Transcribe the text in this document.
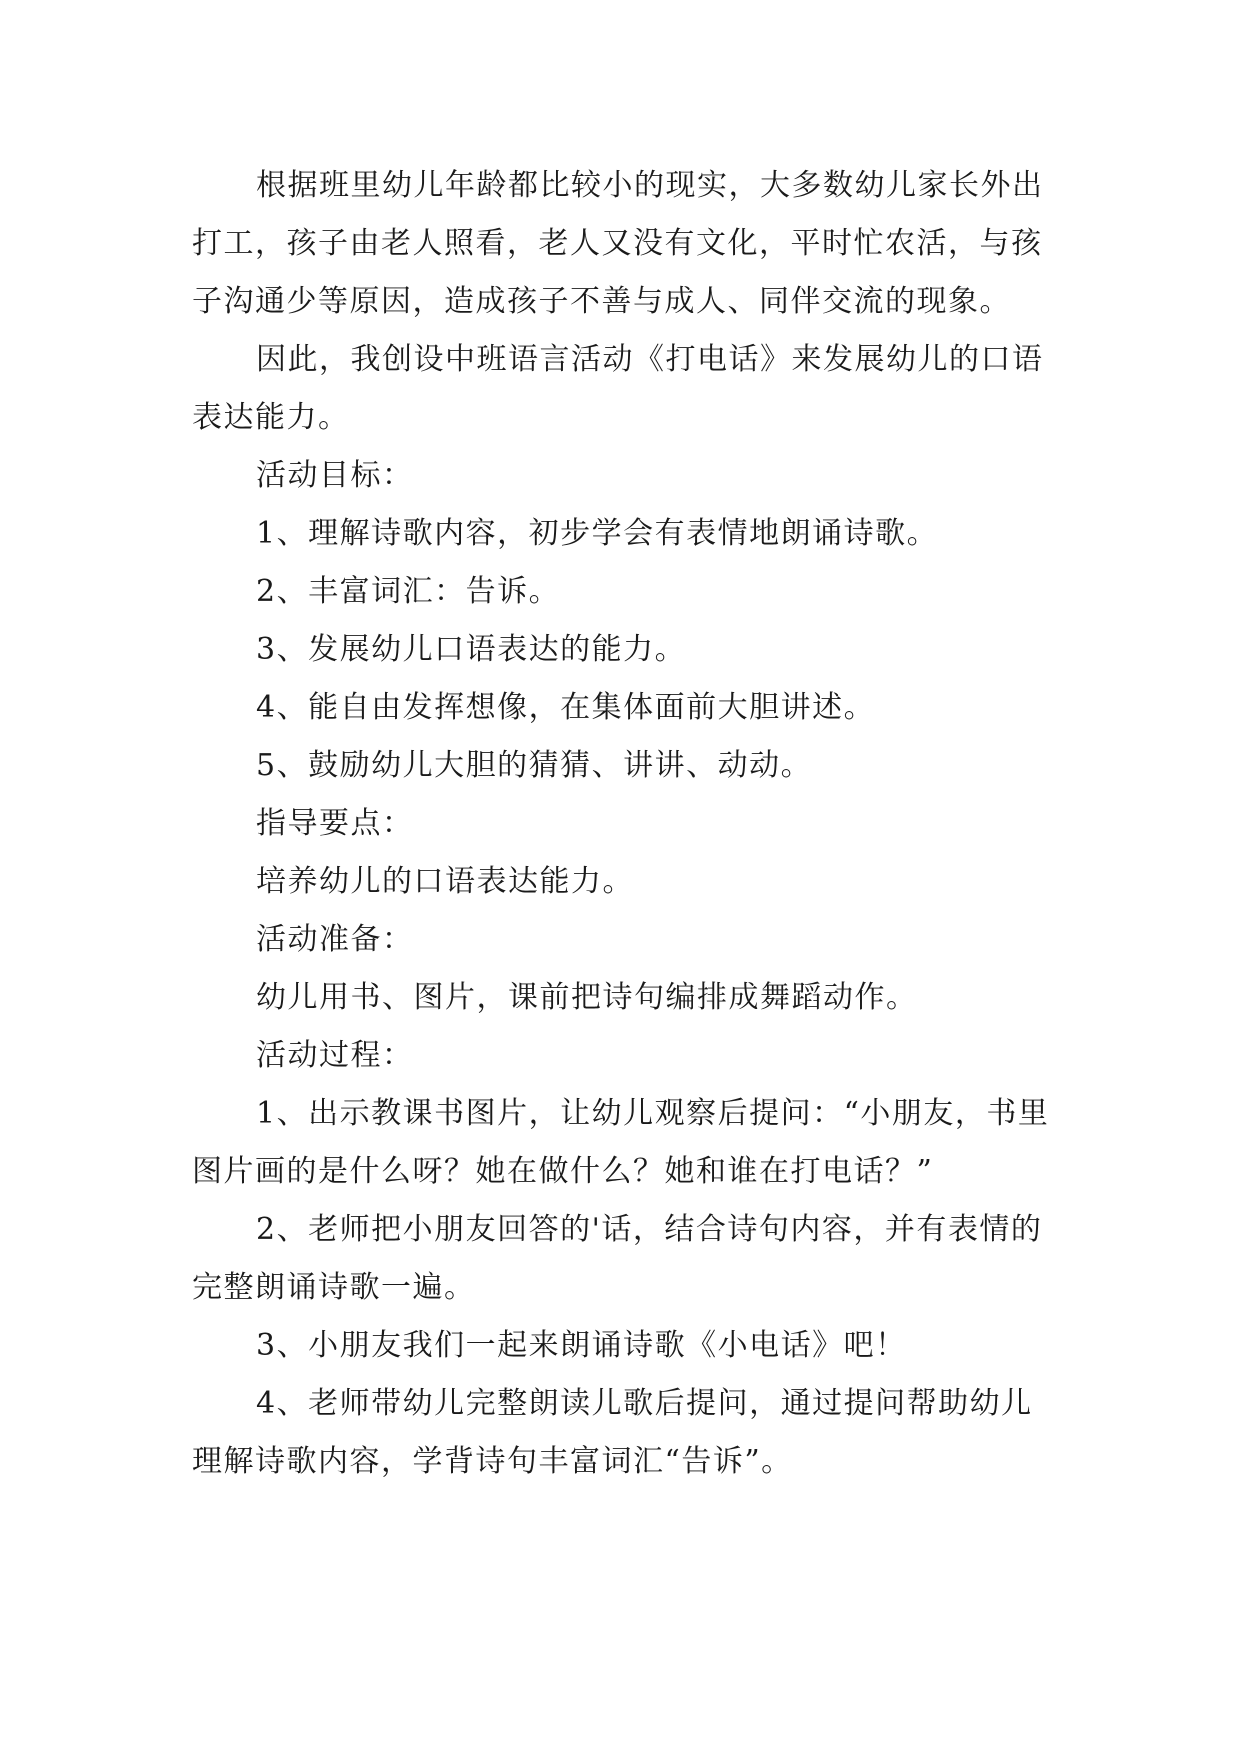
根据班里幼儿年龄都比较小的现实，大多数幼儿家长外出打工，孩子由老人照看，老人又没有文化，平时忙农活，与孩子沟通少等原因，造成孩子不善与成人、同伴交流的现象。

因此，我创设中班语言活动《打电话》来发展幼儿的口语表达能力。

活动目标：

1、理解诗歌内容，初步学会有表情地朗诵诗歌。

2、丰富词汇：告诉。

3、发展幼儿口语表达的能力。

4、能自由发挥想像，在集体面前大胆讲述。

5、鼓励幼儿大胆的猜猜、讲讲、动动。

指导要点：

培养幼儿的口语表达能力。

活动准备：

幼儿用书、图片，课前把诗句编排成舞蹈动作。

活动过程：

1、出示教课书图片，让幼儿观察后提问：“小朋友，书里图片画的是什么呀？她在做什么？她和谁在打电话？”

2、老师把小朋友回答的'话，结合诗句内容，并有表情的完整朗诵诗歌一遍。

3、小朋友我们一起来朗诵诗歌《小电话》吧！

4、老师带幼儿完整朗读儿歌后提问，通过提问帮助幼儿理解诗歌内容，学背诗句丰富词汇“告诉”。
